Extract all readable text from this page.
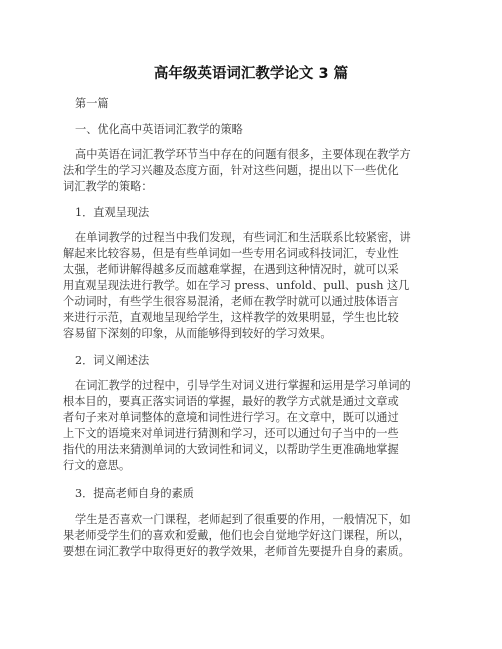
高年级英语词汇教学论文 3 篇

第一篇

一、优化高中英语词汇教学的策略

高中英语在词汇教学环节当中存在的问题有很多，主要体现在教学方

法和学生的学习兴趣及态度方面，针对这些问题，提出以下一些优化

词汇教学的策略：

1．直观呈现法

在单词教学的过程当中我们发现，有些词汇和生活联系比较紧密，讲

解起来比较容易，但是有些单词如一些专用名词或科技词汇，专业性

太强，老师讲解得越多反而越难掌握，在遇到这种情况时，就可以采

用直观呈现法进行教学。如在学习 press、unfold、pull、push 这几

个动词时，有些学生很容易混淆，老师在教学时就可以通过肢体语言

来进行示范，直观地呈现给学生，这样教学的效果明显，学生也比较

容易留下深刻的印象，从而能够得到较好的学习效果。

2．词义阐述法

在词汇教学的过程中，引导学生对词义进行掌握和运用是学习单词的

根本目的，要真正落实词语的掌握，最好的教学方式就是通过文章或

者句子来对单词整体的意境和词性进行学习。在文章中，既可以通过

上下文的语境来对单词进行猜测和学习，还可以通过句子当中的一些

指代的用法来猜测单词的大致词性和词义，以帮助学生更准确地掌握

行文的意思。

3．提高老师自身的素质

学生是否喜欢一门课程，老师起到了很重要的作用，一般情况下，如

果老师受学生们的喜欢和爱戴，他们也会自觉地学好这门课程，所以，

要想在词汇教学中取得更好的教学效果，老师首先要提升自身的素质。
